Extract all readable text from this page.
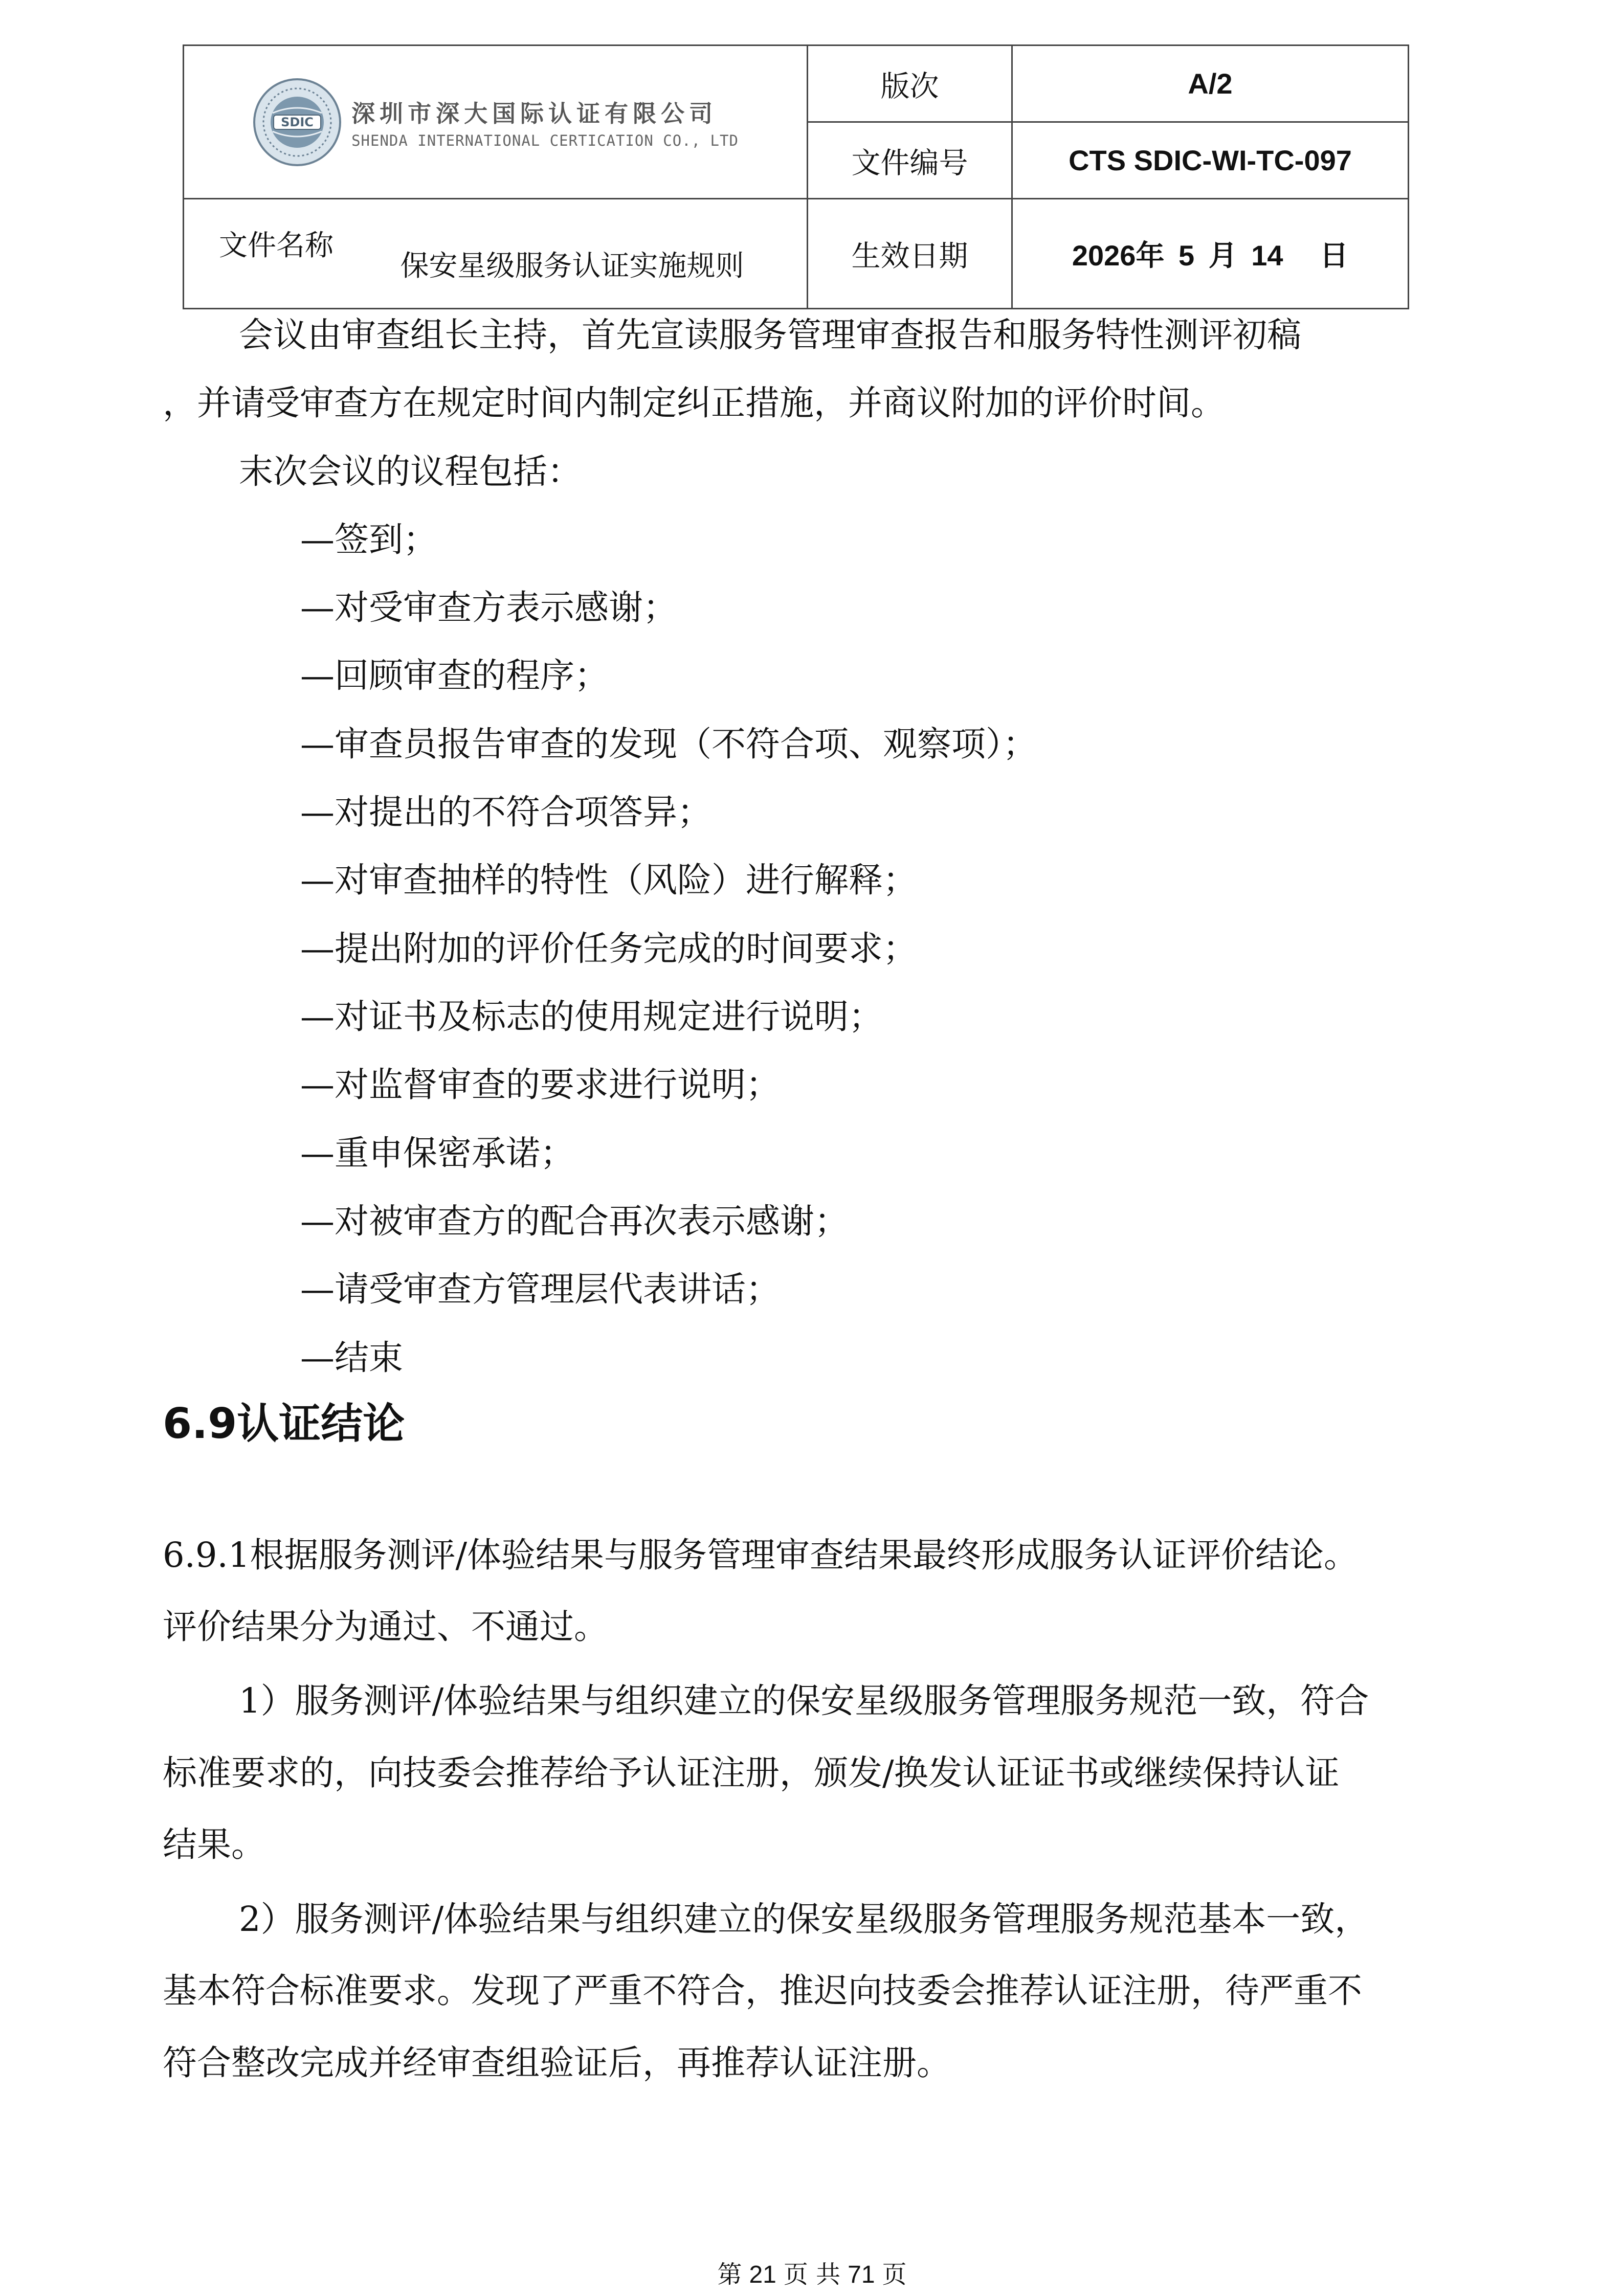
SDIC 深圳市深大国际认证有限公司
SHENDA INTERNATIONAL CERTICATION CO., LTD	版次	A/2
	文件编号	CTS SDIC-WI-TC-097

文件名称
保安星级服务认证实施规则	生效日期	2026年 5 月 14 日
会议由审查组长主持，首先宣读服务管理审查报告和服务特性测评初稿
，并请受审查方在规定时间内制定纠正措施，并商议附加的评价时间。
末次会议的议程包括：
—签到；
—对受审查方表示感谢；
—回顾审查的程序；
—审查员报告审查的发现（不符合项、观察项）；
—对提出的不符合项答异；
—对审查抽样的特性（风险）进行解释；
—提出附加的评价任务完成的时间要求；
—对证书及标志的使用规定进行说明；
—对监督审查的要求进行说明；
—重申保密承诺；
—对被审查方的配合再次表示感谢；
—请受审查方管理层代表讲话；
—结束
6.9认证结论
6.9.1根据服务测评/体验结果与服务管理审查结果最终形成服务认证评价结论。
评价结果分为通过、不通过。
1）服务测评/体验结果与组织建立的保安星级服务管理服务规范一致，符合
标准要求的，向技委会推荐给予认证注册，颁发/换发认证证书或继续保持认证
结果。
2）服务测评/体验结果与组织建立的保安星级服务管理服务规范基本一致，
基本符合标准要求。发现了严重不符合，推迟向技委会推荐认证注册，待严重不
符合整改完成并经审查组验证后，再推荐认证注册。
第 21 页 共 71 页
